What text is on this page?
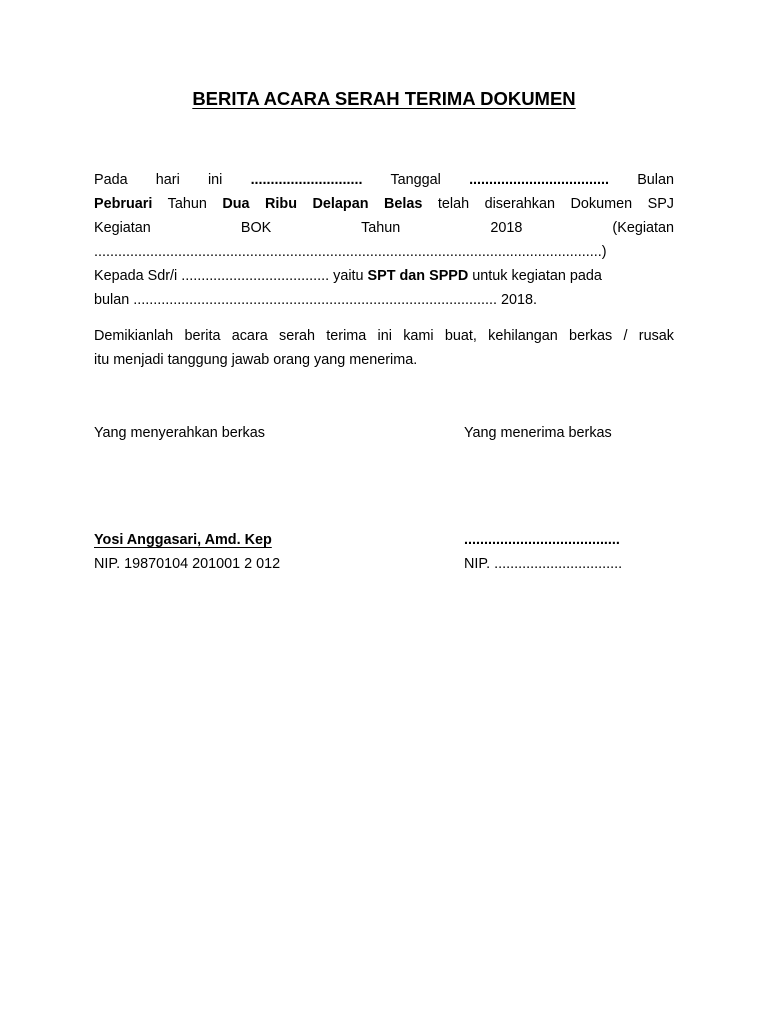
BERITA ACARA SERAH TERIMA DOKUMEN
Pada hari ini ............................ Tanggal ................................... Bulan
Pebruari Tahun Dua Ribu Delapan Belas telah diserahkan Dokumen SPJ
Kegiatan	BOK	Tahun	2018	(Kegiatan
...............................................................................................................................)
Kepada Sdr/i ..................................... yaitu SPT dan SPPD untuk kegiatan pada
bulan ........................................................................................... 2018.
Demikianlah berita acara serah terima ini kami buat, kehilangan berkas / rusak
itu menjadi tanggung jawab orang yang menerima.
Yang menyerahkan berkas	Yang menerima berkas
Yosi Anggasari, Amd. Kep	.......................................
NIP. 19870104 201001 2 012	NIP. ................................
